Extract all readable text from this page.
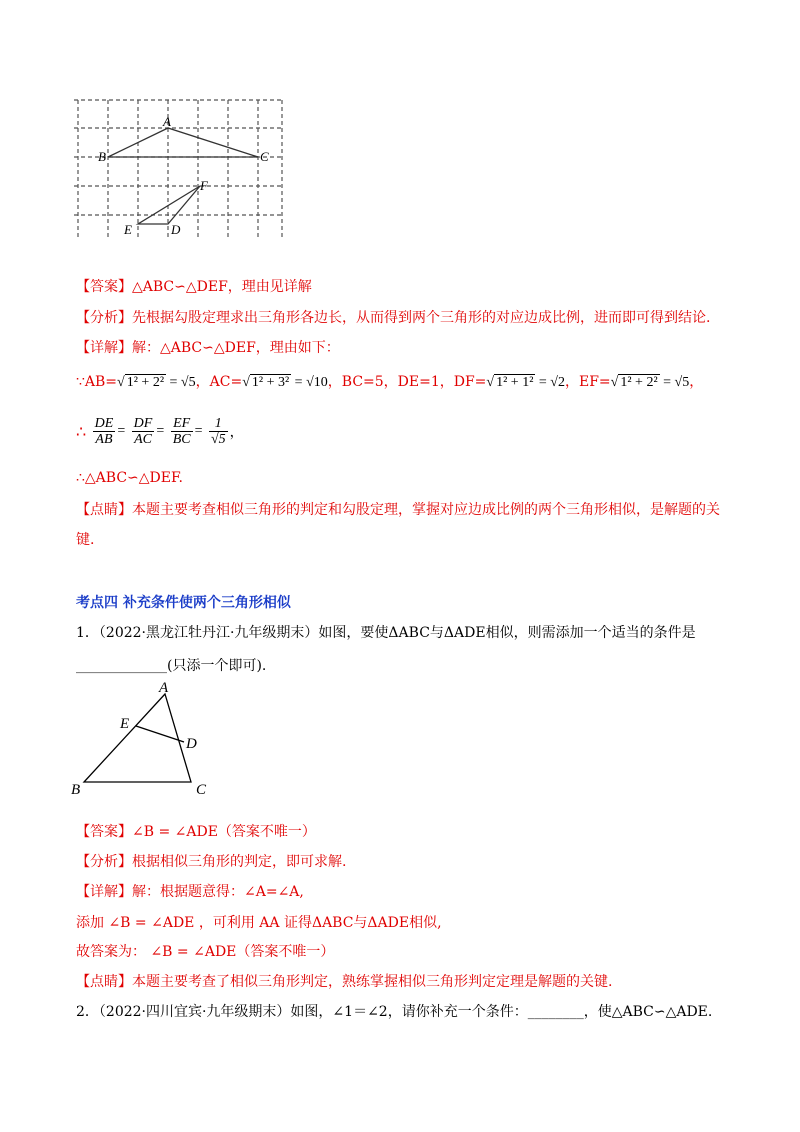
A
B	C
F
E	D
【答案】△ABC∽△DEF，理由见详解
【分析】先根据勾股定理求出三角形各边长，从而得到两个三角形的对应边成比例，进而即可得到结论.
【详解】解：△ABC∽△DEF，理由如下：
∵AB=√ 1² + 2² = √5，AC=√ 1² + 3² = √10，BC=5，DE=1，DF=√ 1² + 1² = √2，EF=√ 1² + 2² = √5，
∴ $\frac{DE}{AB} = \frac{DF}{AC} = \frac{EF}{BC} = \frac{1}{√5}$ ，
∴△ABC∽△DEF.
【点睛】本题主要考查相似三角形的判定和勾股定理，掌握对应边成比例的两个三角形相似，是解题的关
键.
考点四 补充条件使两个三角形相似
1．（2022·黑龙江牡丹江·九年级期末）如图，要使ΔABC与ΔADE相似，则需添加一个适当的条件是
_____________(只添一个即可).
A
E
D
B	C
【答案】∠B = ∠ADE（答案不唯一）
【分析】根据相似三角形的判定，即可求解.
【详解】解：根据题意得：∠A=∠A,
添加 ∠B = ∠ADE ，可利用 AA 证得ΔABC与ΔADE相似,
故答案为： ∠B = ∠ADE（答案不唯一）
【点睛】本题主要考查了相似三角形判定，熟练掌握相似三角形判定定理是解题的关键.
2．（2022·四川宜宾·九年级期末）如图，∠1＝∠2，请你补充一个条件：________，使△ABC∽△ADE.
